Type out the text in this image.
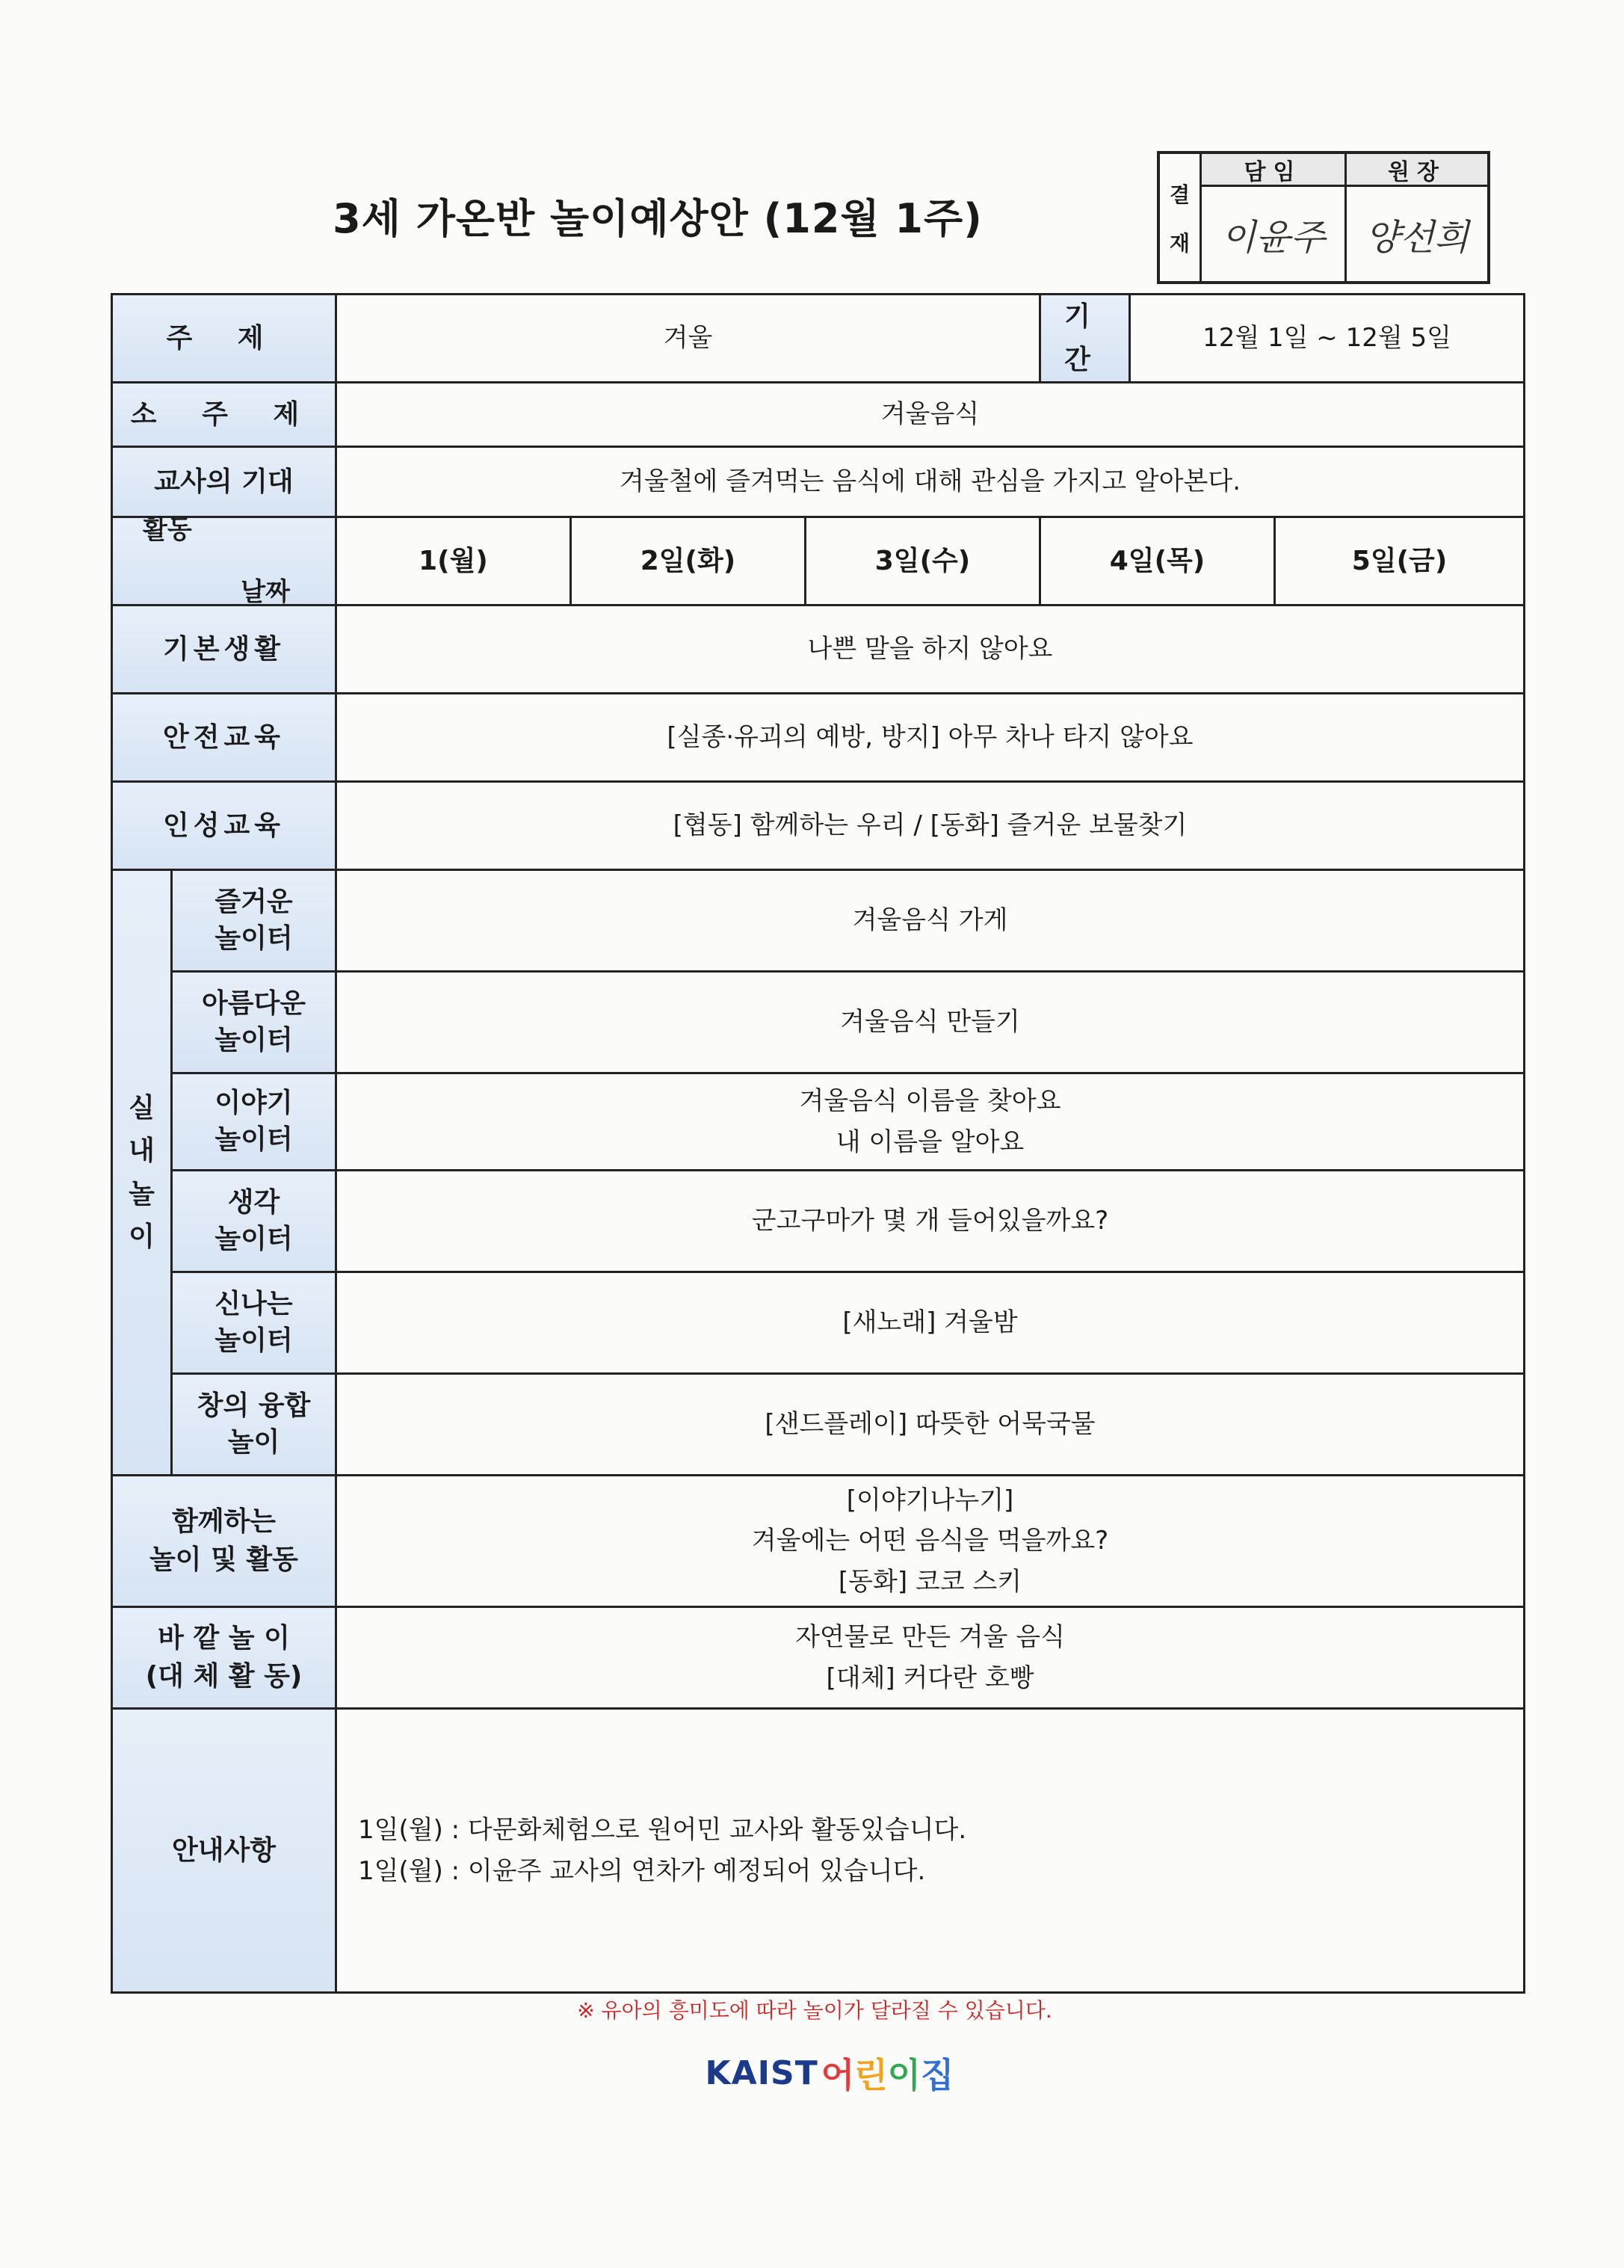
3세 가온반 놀이예상안 (12월 1주)
결
재
담임	원장
이윤주	양선희
주 제		겨울			기 간	12월 1일 ~ 12월 5일	
소 주 제		겨울음식					
교사의 기대		겨울철에 즐겨먹는 음식에 대해 관심을 가지고 알아본다.					

날짜
활동		1(월)	2일(화)	3일(수)	4일(목)		5일(금)
기본생활		나쁜 말을 하지 않아요					
안전교육		[실종·유괴의 예방, 방지] 아무 차나 타지 않아요					
인성교육		[협동] 함께하는 우리 / [동화] 즐거운 보물찾기					
실
내
놀
이	즐거운
놀이터	겨울음식 가게					
	아름다운
놀이터	겨울음식 만들기					
	이야기
놀이터	겨울음식 이름을 찾아요
내 이름을 알아요					
	생각
놀이터	군고구마가 몇 개 들어있을까요?					
	신나는
놀이터	[새노래] 겨울밤					
	창의 융합
놀이	[샌드플레이] 따뜻한 어묵국물					
함께하는
놀이 및 활동		[이야기나누기]
겨울에는 어떤 음식을 먹을까요?
[동화] 코코 스키					
바 깥 놀 이
(대 체 활 동)		자연물로 만든 겨울 음식
[대체] 커다란 호빵					
안내사항		1일(월) : 다문화체험으로 원어민 교사와 활동있습니다.
1일(월) : 이윤주 교사의 연차가 예정되어 있습니다.					
※ 유아의 흥미도에 따라 놀이가 달라질 수 있습니다.
KAIST 어린이집
